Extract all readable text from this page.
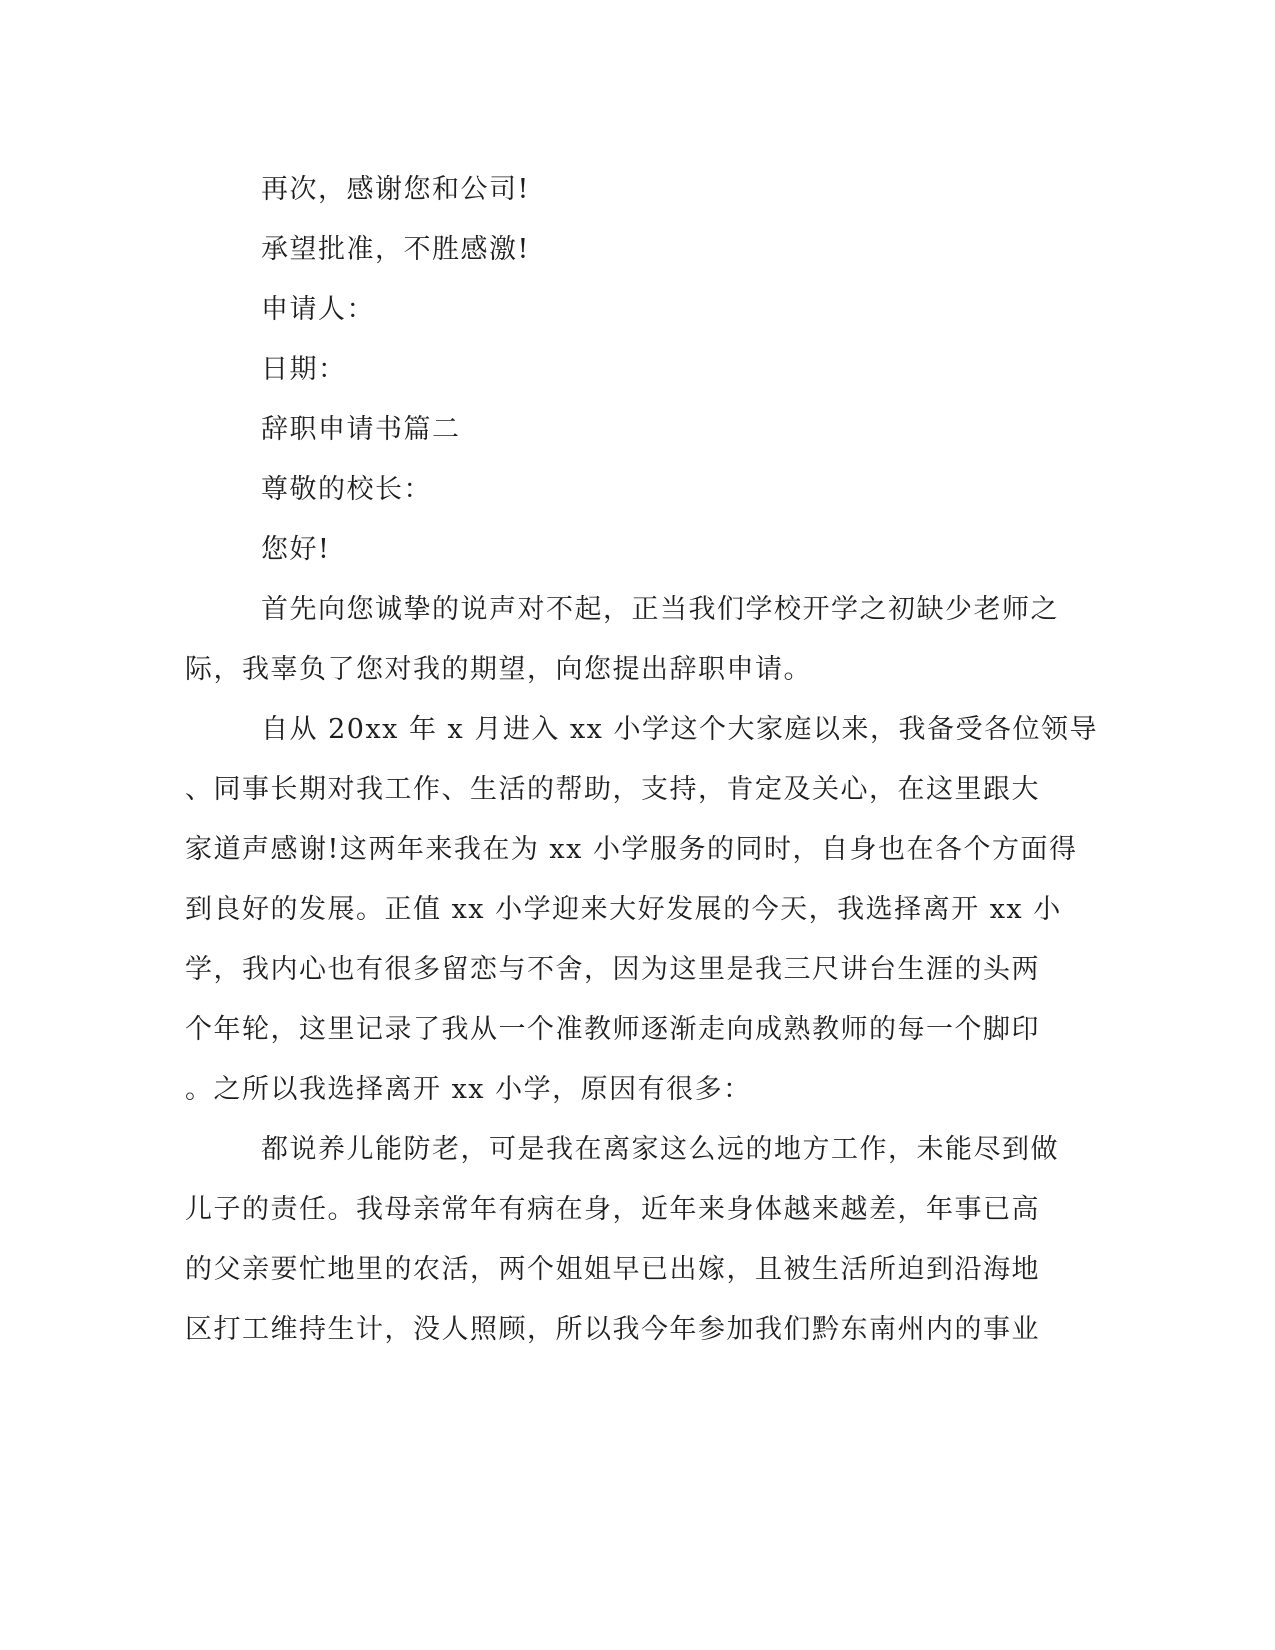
再次，感谢您和公司!

承望批准，不胜感激!

申请人：

日期：

辞职申请书篇二

尊敬的校长：

您好!

首先向您诚挚的说声对不起，正当我们学校开学之初缺少老师之

际，我辜负了您对我的期望，向您提出辞职申请。

自从 20xx 年 x 月进入 xx 小学这个大家庭以来，我备受各位领导

、同事长期对我工作、生活的帮助，支持，肯定及关心，在这里跟大

家道声感谢!这两年来我在为 xx 小学服务的同时，自身也在各个方面得

到良好的发展。正值 xx 小学迎来大好发展的今天，我选择离开 xx 小

学，我内心也有很多留恋与不舍，因为这里是我三尺讲台生涯的头两

个年轮，这里记录了我从一个准教师逐渐走向成熟教师的每一个脚印

。之所以我选择离开 xx 小学，原因有很多：

都说养儿能防老，可是我在离家这么远的地方工作，未能尽到做

儿子的责任。我母亲常年有病在身，近年来身体越来越差，年事已高

的父亲要忙地里的农活，两个姐姐早已出嫁，且被生活所迫到沿海地

区打工维持生计，没人照顾，所以我今年参加我们黔东南州内的事业
